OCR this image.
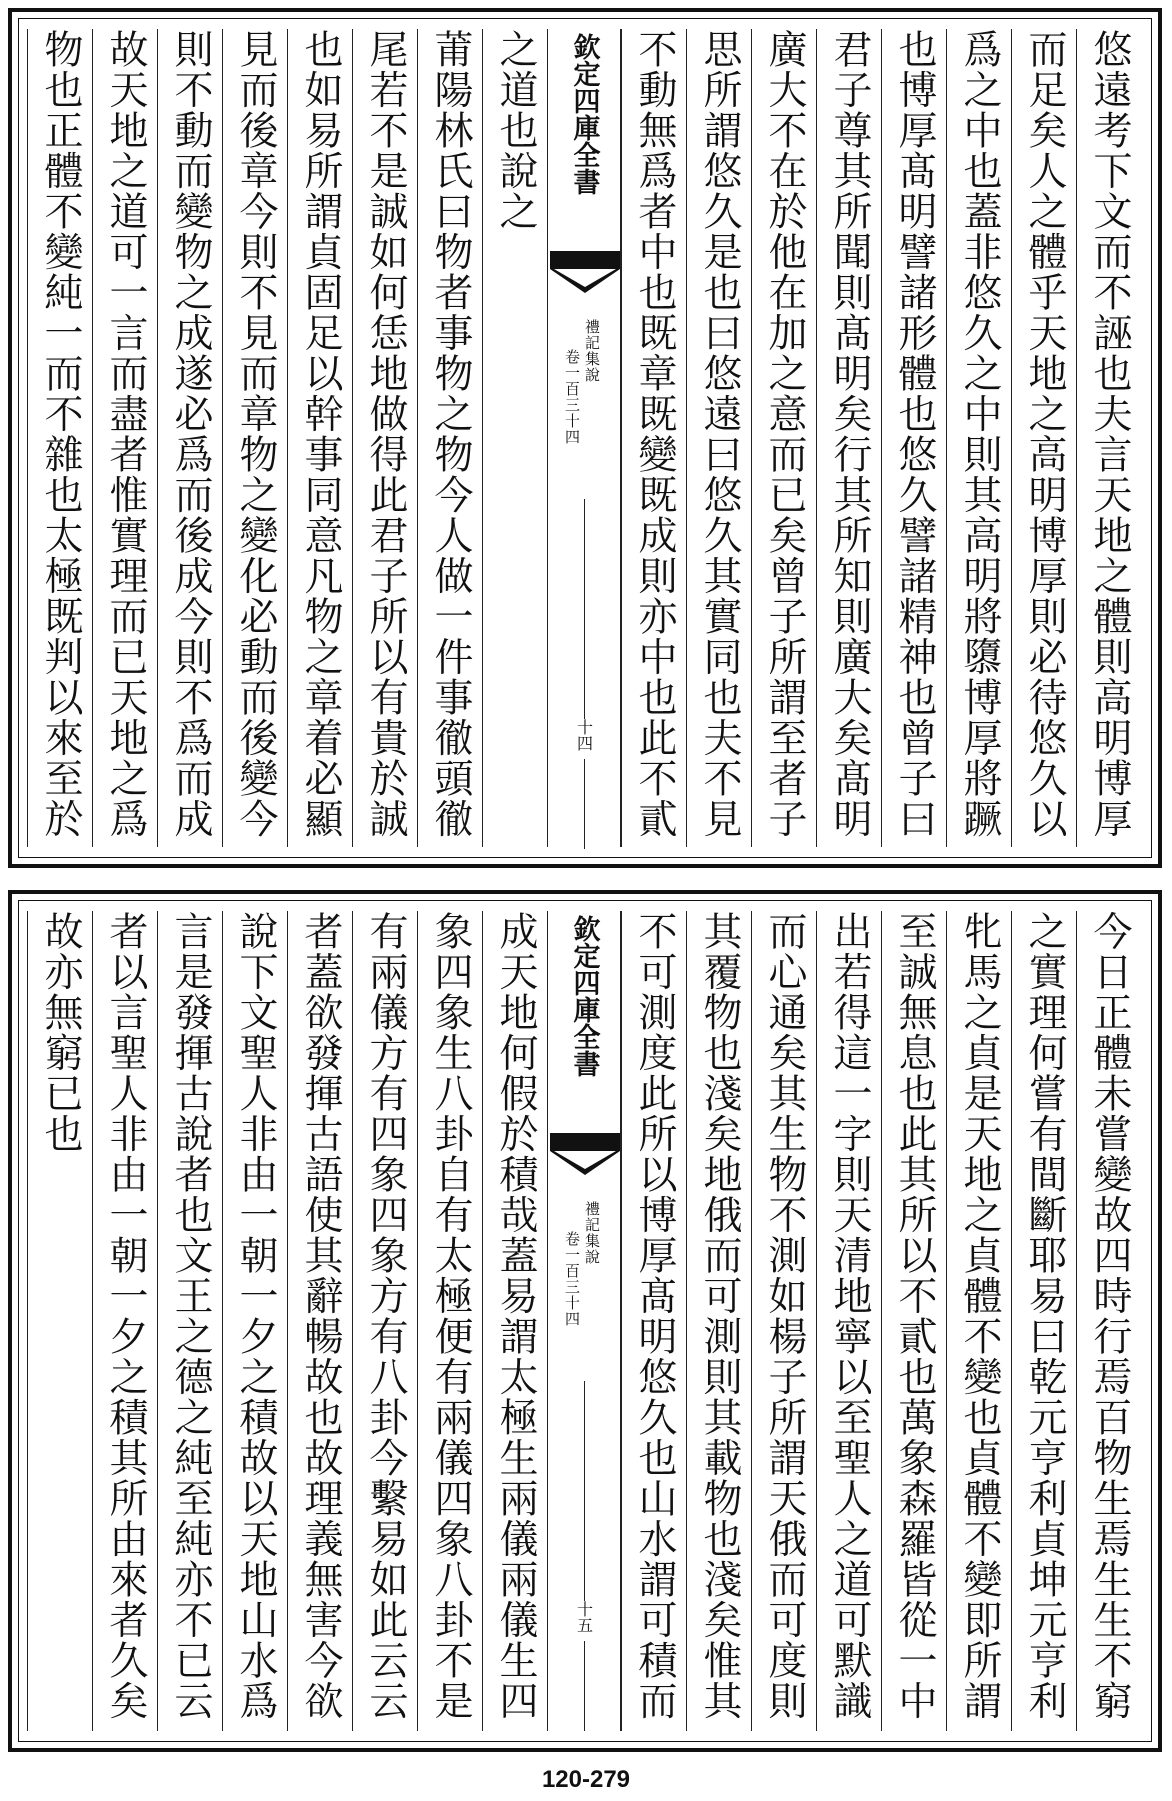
悠遠考下文而不誣也夫言天地之體則高明博厚
而足矣人之體乎天地之高明博厚則必待悠久以
爲之中也蓋非悠久之中則其高明將隳博厚將蹶
也博厚髙明譬諸形體也悠久譬諸精神也曾子曰
君子尊其所聞則髙明矣行其所知則廣大矣髙明
廣大不在於他在加之意而已矣曾子所謂至者子
思所謂悠久是也曰悠遠曰悠久其實同也夫不見
不動無爲者中也既章既變既成則亦中也此不貳
欽定四庫全書
禮記集說
卷一百三十四
十四
之道也說之
莆陽林氏曰物者事物之物今人做一件事徹頭徹
尾若不是誠如何恁地做得此君子所以有貴於誠
也如易所謂貞固足以幹事同意凡物之章着必顯
見而後章今則不見而章物之變化必動而後變今
則不動而變物之成遂必爲而後成今則不爲而成
故天地之道可一言而盡者惟實理而已天地之爲
物也正體不變純一而不雜也太極既判以來至於
今日正體未嘗變故四時行焉百物生焉生生不窮
之實理何嘗有間斷耶易曰乾元亨利貞坤元亨利
牝馬之貞是天地之貞體不變也貞體不變即所謂
至誠無息也此其所以不貳也萬象森羅皆從一中
出若得這一字則天清地寧以至聖人之道可默識
而心通矣其生物不測如楊子所謂天俄而可度則
其覆物也淺矣地俄而可測則其載物也淺矣惟其
不可測度此所以博厚髙明悠久也山水謂可積而
欽定四庫全書
禮記集說
卷一百三十四
十五
成天地何假於積哉蓋易謂太極生兩儀兩儀生四
象四象生八卦自有太極便有兩儀四象八卦不是
有兩儀方有四象四象方有八卦今繫易如此云云
者蓋欲發揮古語使其辭暢故也故理義無害今欲
說下文聖人非由一朝一夕之積故以天地山水爲
言是發揮古說者也文王之德之純至純亦不已云
者以言聖人非由一朝一夕之積其所由來者久矣
故亦無窮已也
120-279
